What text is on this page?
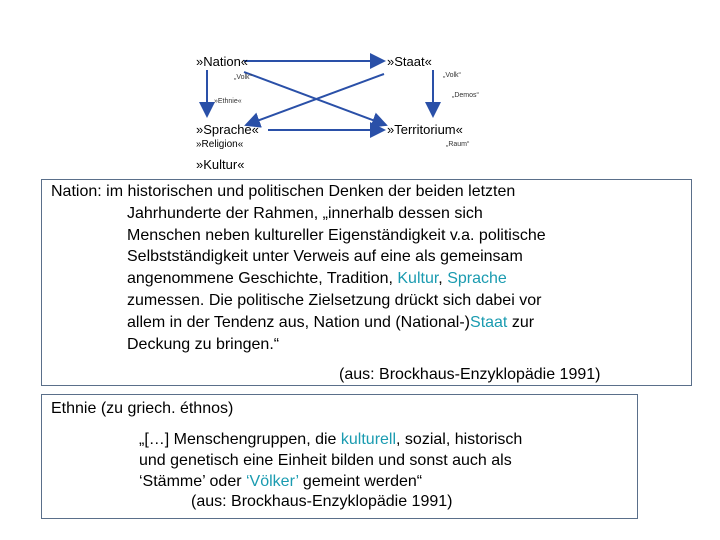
»Nation«	»Staat«
„Volk“
»Ethnie«
„Volk“
„Demos“
»Sprache«	»Territorium«
»Religion«	„Raum“
»Kultur«
Nation: im historischen und politischen Denken der beiden letzten
Jahrhunderte der Rahmen, „innerhalb dessen sich
Menschen neben kultureller Eigenständigkeit v.a. politische
Selbstständigkeit unter Verweis auf eine als gemeinsam
angenommene Geschichte, Tradition, Kultur, Sprache
zumessen. Die politische Zielsetzung drückt sich dabei vor
allem in der Tendenz aus, Nation und (National-)Staat zur
Deckung zu bringen.“
(aus: Brockhaus-Enzyklopädie 1991)
Ethnie (zu griech. éthnos)
„[…] Menschengruppen, die kulturell, sozial, historisch
und genetisch eine Einheit bilden und sonst auch als
‘Stämme’ oder ‘Völker’ gemeint werden“
(aus: Brockhaus-Enzyklopädie 1991)
